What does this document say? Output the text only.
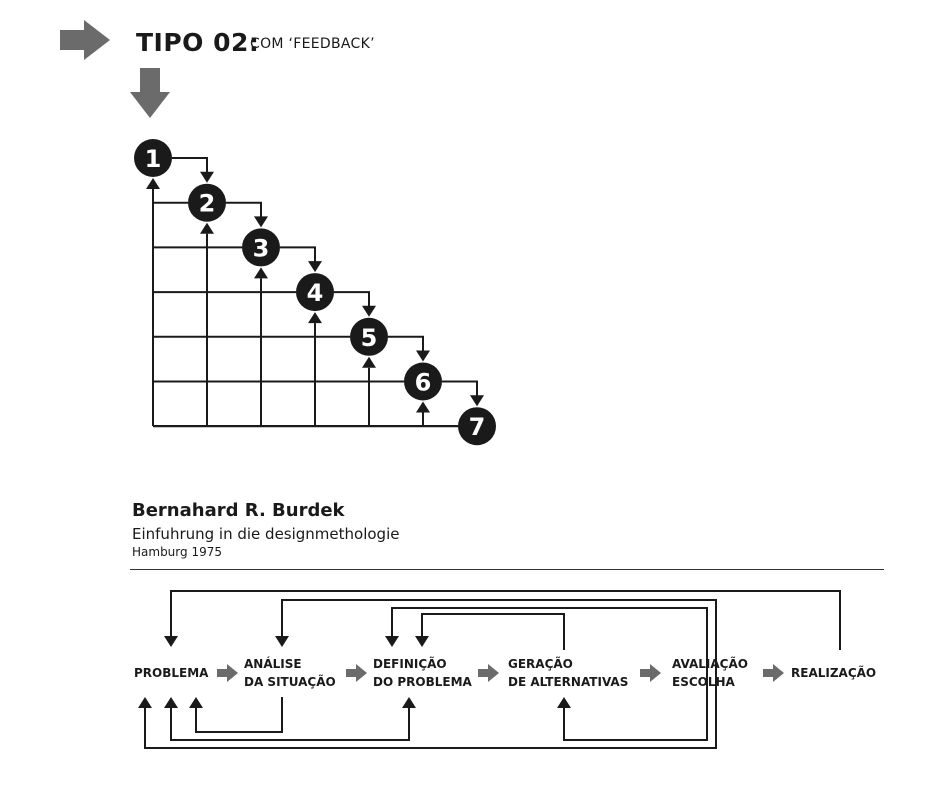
1
2
3
4
5
6
7
TIPO 02:
COM ‘FEEDBACK’
Bernahard R. Burdek
Einfuhrung in die designmethologie
Hamburg 1975
PROBLEMA
ANÁLISE
DA SITUAÇÃO
DEFINIÇÃO
DO PROBLEMA
GERAÇÃO
DE ALTERNATIVAS
AVALIAÇÃO
ESCOLHA
REALIZAÇÃO
